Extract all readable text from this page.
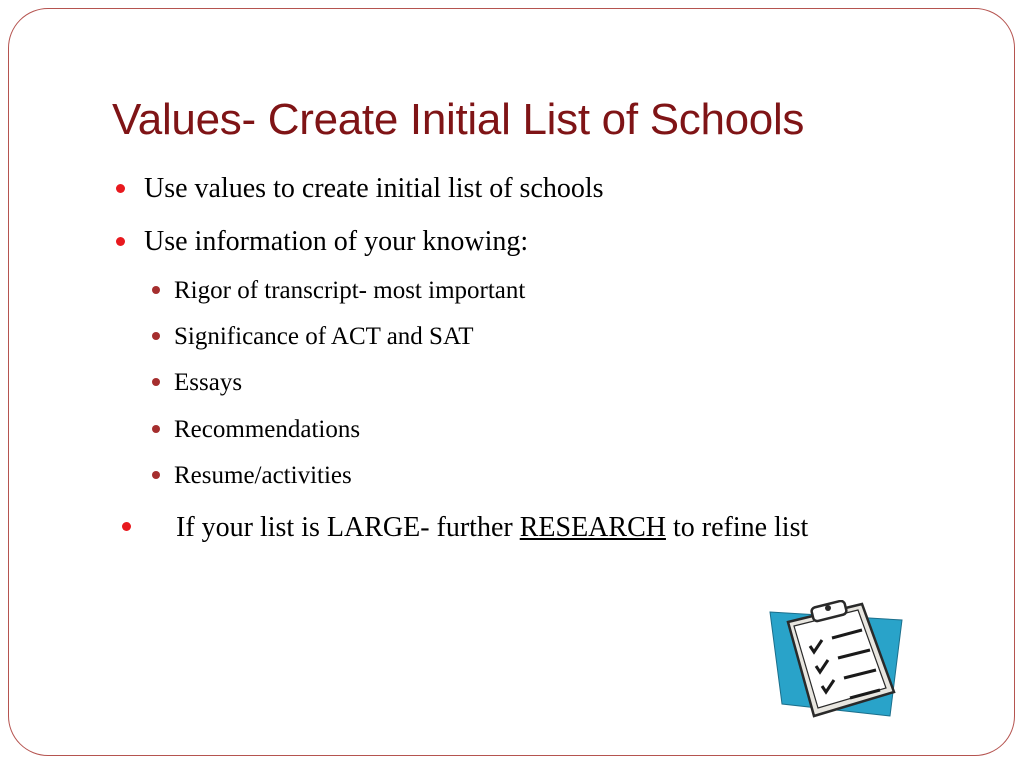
Values- Create Initial List of Schools
Use values to create initial list of schools
Use information of your knowing:
Rigor of transcript- most important
Significance of ACT and SAT
Essays
Recommendations
Resume/activities
If your list is LARGE- further RESEARCH to refine list
